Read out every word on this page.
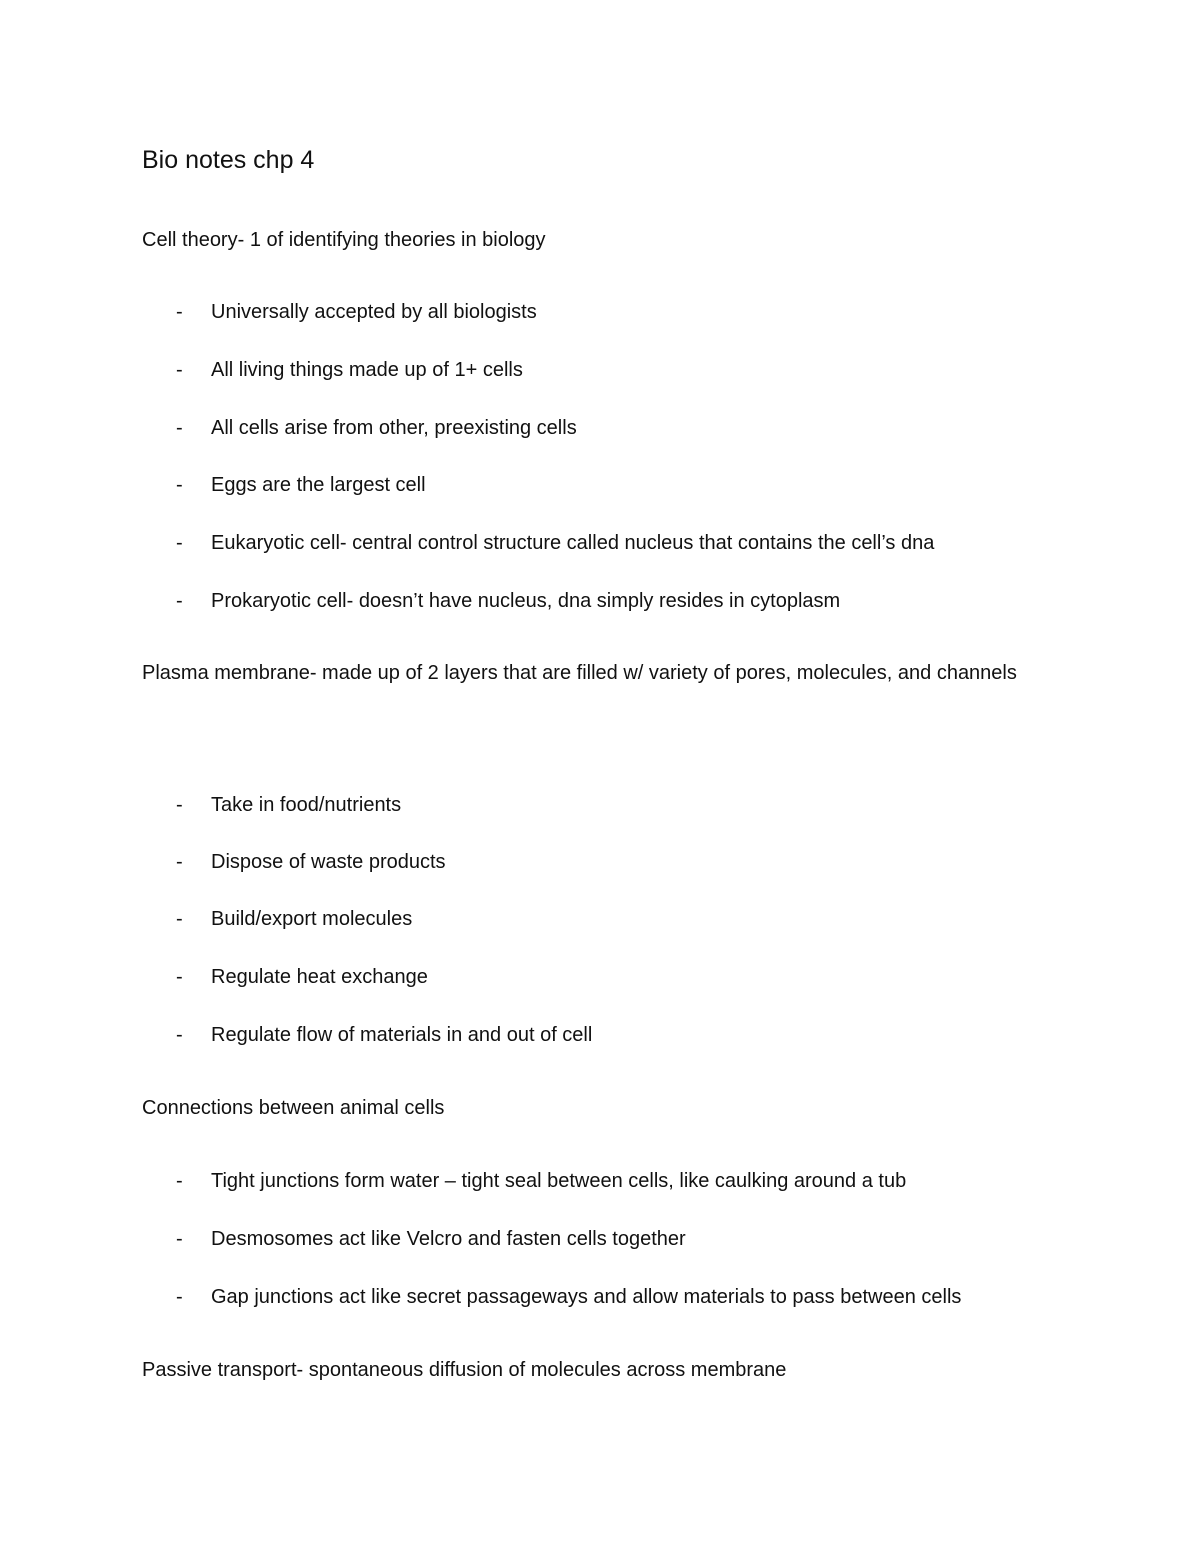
Bio notes chp 4

Cell theory- 1 of identifying theories in biology

- Universally accepted by all biologists

- All living things made up of 1+ cells

- All cells arise from other, preexisting cells

- Eggs are the largest cell

- Eukaryotic cell- central control structure called nucleus that contains the cell’s dna

- Prokaryotic cell- doesn’t have nucleus, dna simply resides in cytoplasm

Plasma membrane- made up of 2 layers that are filled w/ variety of pores, molecules, and channels

- Take in food/nutrients

- Dispose of waste products

- Build/export molecules

- Regulate heat exchange

- Regulate flow of materials in and out of cell

Connections between animal cells

- Tight junctions form water – tight seal between cells, like caulking around a tub

- Desmosomes act like Velcro and fasten cells together

- Gap junctions act like secret passageways and allow materials to pass between cells

Passive transport- spontaneous diffusion of molecules across membrane
